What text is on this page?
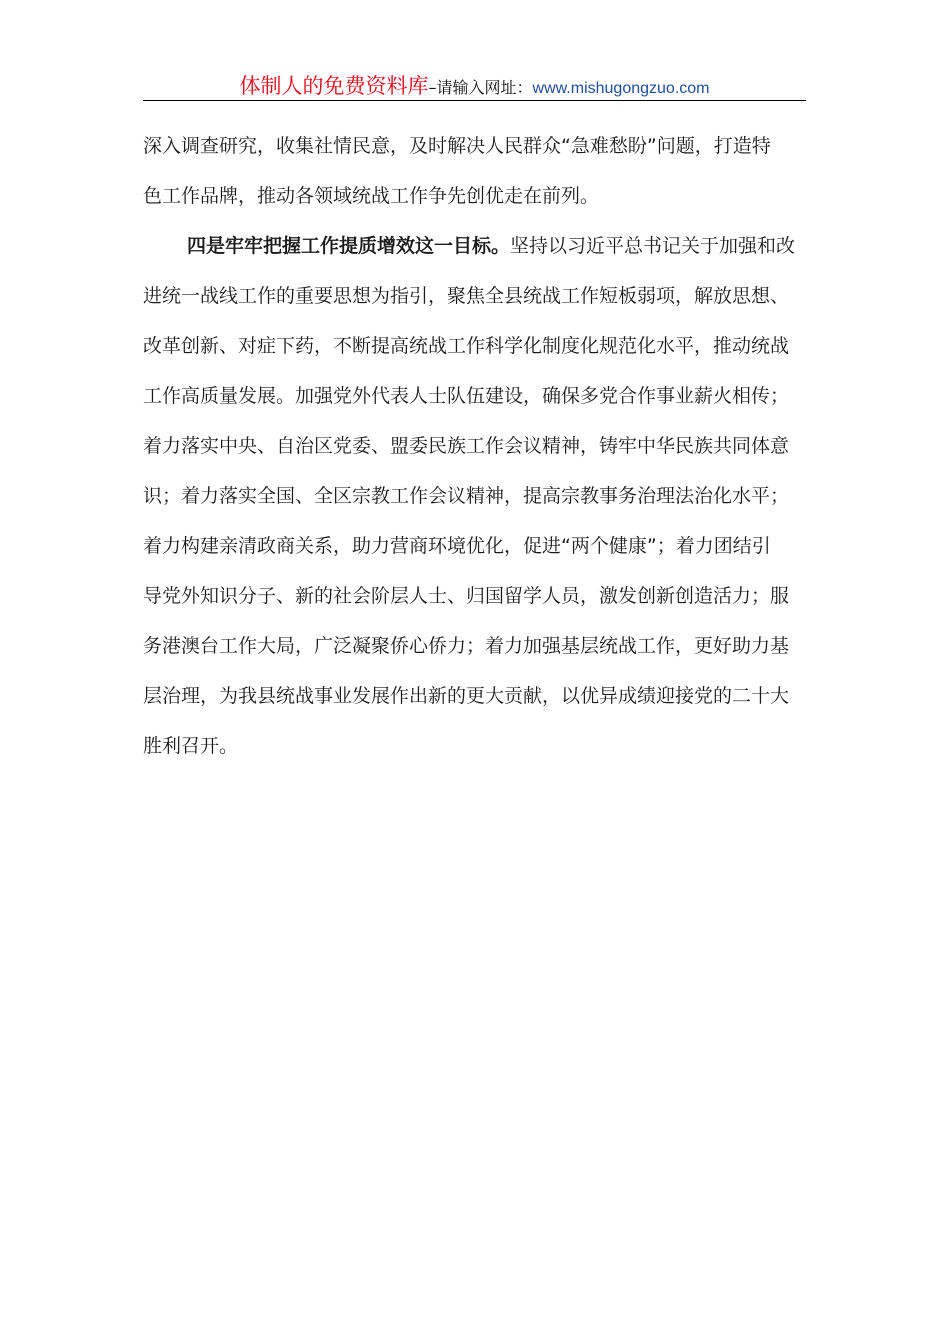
体制人的免费资料库–请输入网址：www.mishugongzuo.com

深入调查研究，收集社情民意，及时解决人民群众“急难愁盼”问题，打造特
色工作品牌，推动各领域统战工作争先创优走在前列。

四是牢牢把握工作提质增效这一目标。坚持以习近平总书记关于加强和改
进统一战线工作的重要思想为指引，聚焦全县统战工作短板弱项，解放思想、
改革创新、对症下药，不断提高统战工作科学化制度化规范化水平，推动统战
工作高质量发展。加强党外代表人士队伍建设，确保多党合作事业薪火相传；
着力落实中央、自治区党委、盟委民族工作会议精神，铸牢中华民族共同体意
识；着力落实全国、全区宗教工作会议精神，提高宗教事务治理法治化水平；
着力构建亲清政商关系，助力营商环境优化，促进“两个健康”；着力团结引
导党外知识分子、新的社会阶层人士、归国留学人员，激发创新创造活力；服
务港澳台工作大局，广泛凝聚侨心侨力；着力加强基层统战工作，更好助力基
层治理，为我县统战事业发展作出新的更大贡献，以优异成绩迎接党的二十大
胜利召开。
